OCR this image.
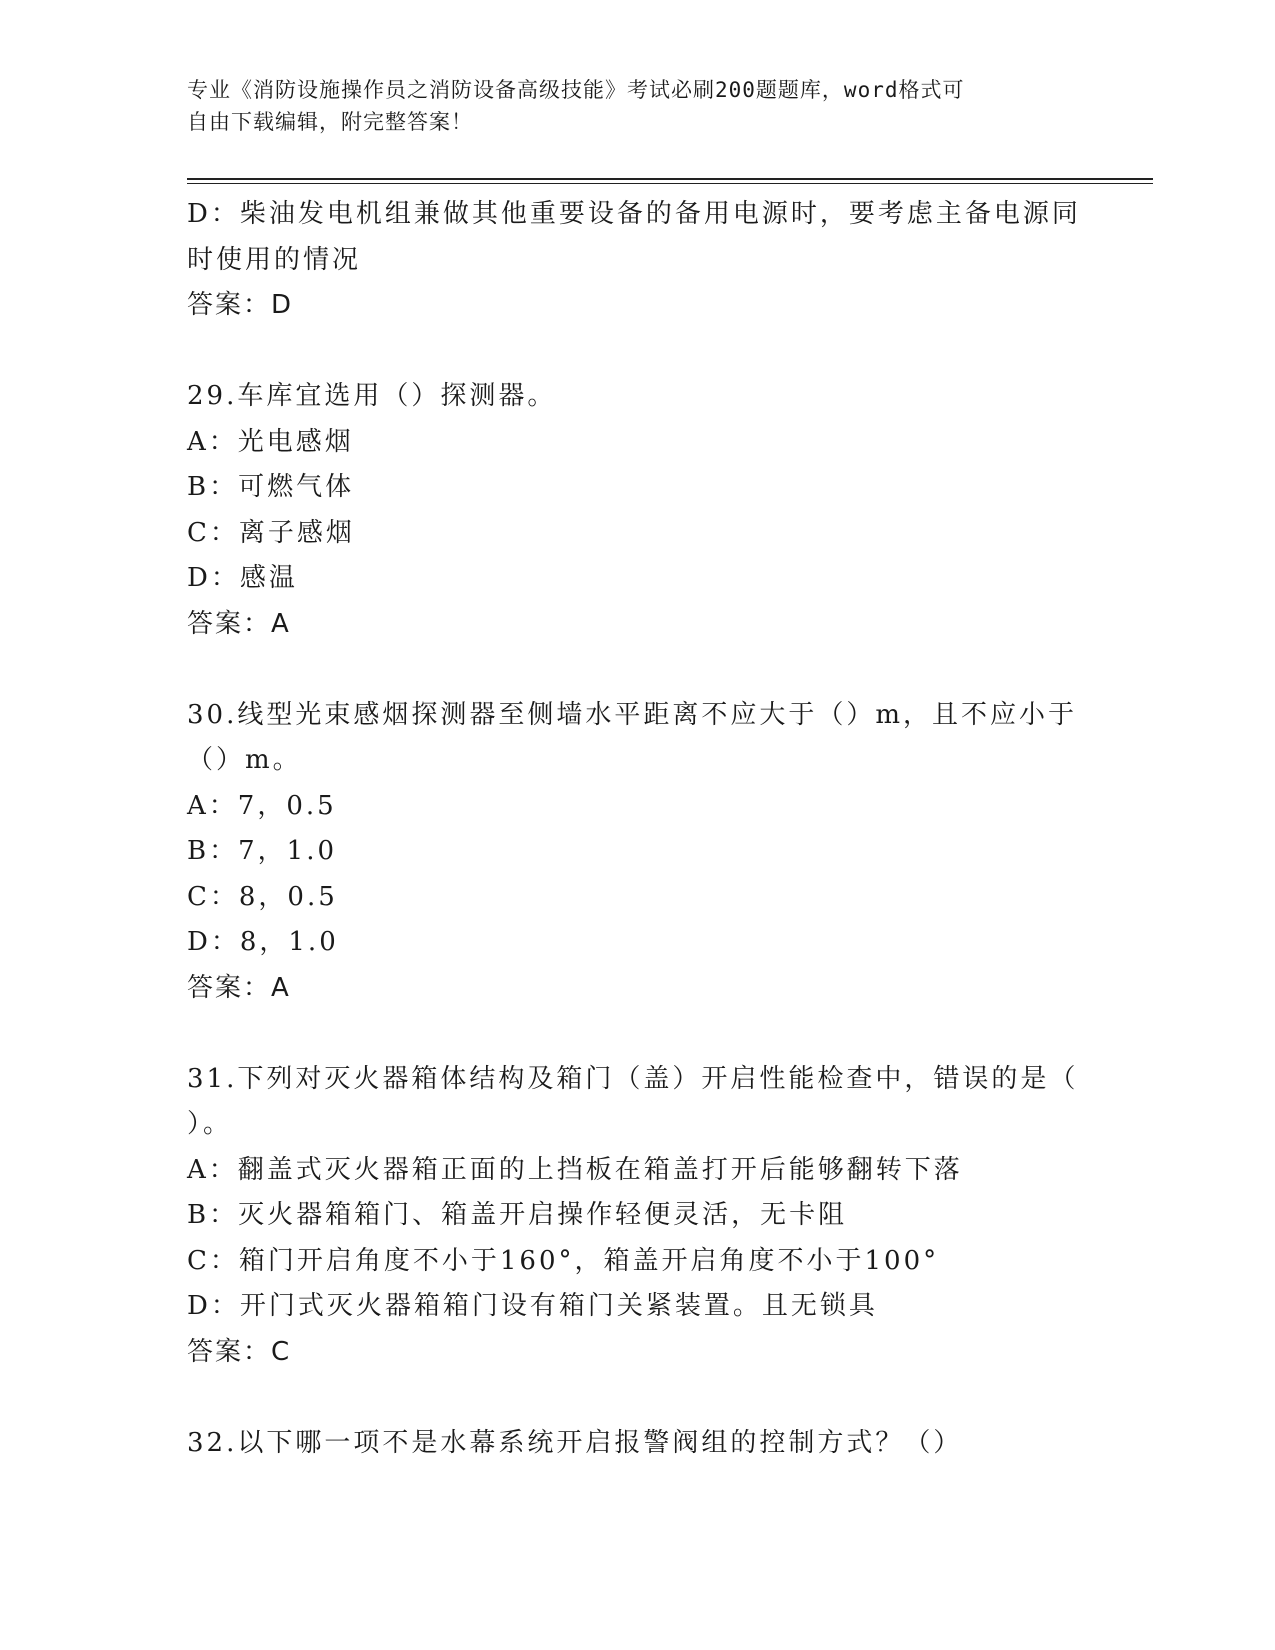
专业《消防设施操作员之消防设备高级技能》考试必刷200题题库，word格式可
自由下载编辑，附完整答案！
D：柴油发电机组兼做其他重要设备的备用电源时，要考虑主备电源同
时使用的情况
答案：D
29.车库宜选用（）探测器。
A：光电感烟
B：可燃气体
C：离子感烟
D：感温
答案：A
30.线型光束感烟探测器至侧墙水平距离不应大于（）m，且不应小于
（）m。
A：7，0.5
B：7，1.0
C：8，0.5
D：8，1.0
答案：A
31.下列对灭火器箱体结构及箱门（盖）开启性能检查中，错误的是（
）。
A：翻盖式灭火器箱正面的上挡板在箱盖打开后能够翻转下落
B：灭火器箱箱门、箱盖开启操作轻便灵活，无卡阻
C：箱门开启角度不小于160°，箱盖开启角度不小于100°
D：开门式灭火器箱箱门设有箱门关紧装置。且无锁具
答案：C
32.以下哪一项不是水幕系统开启报警阀组的控制方式？（）
